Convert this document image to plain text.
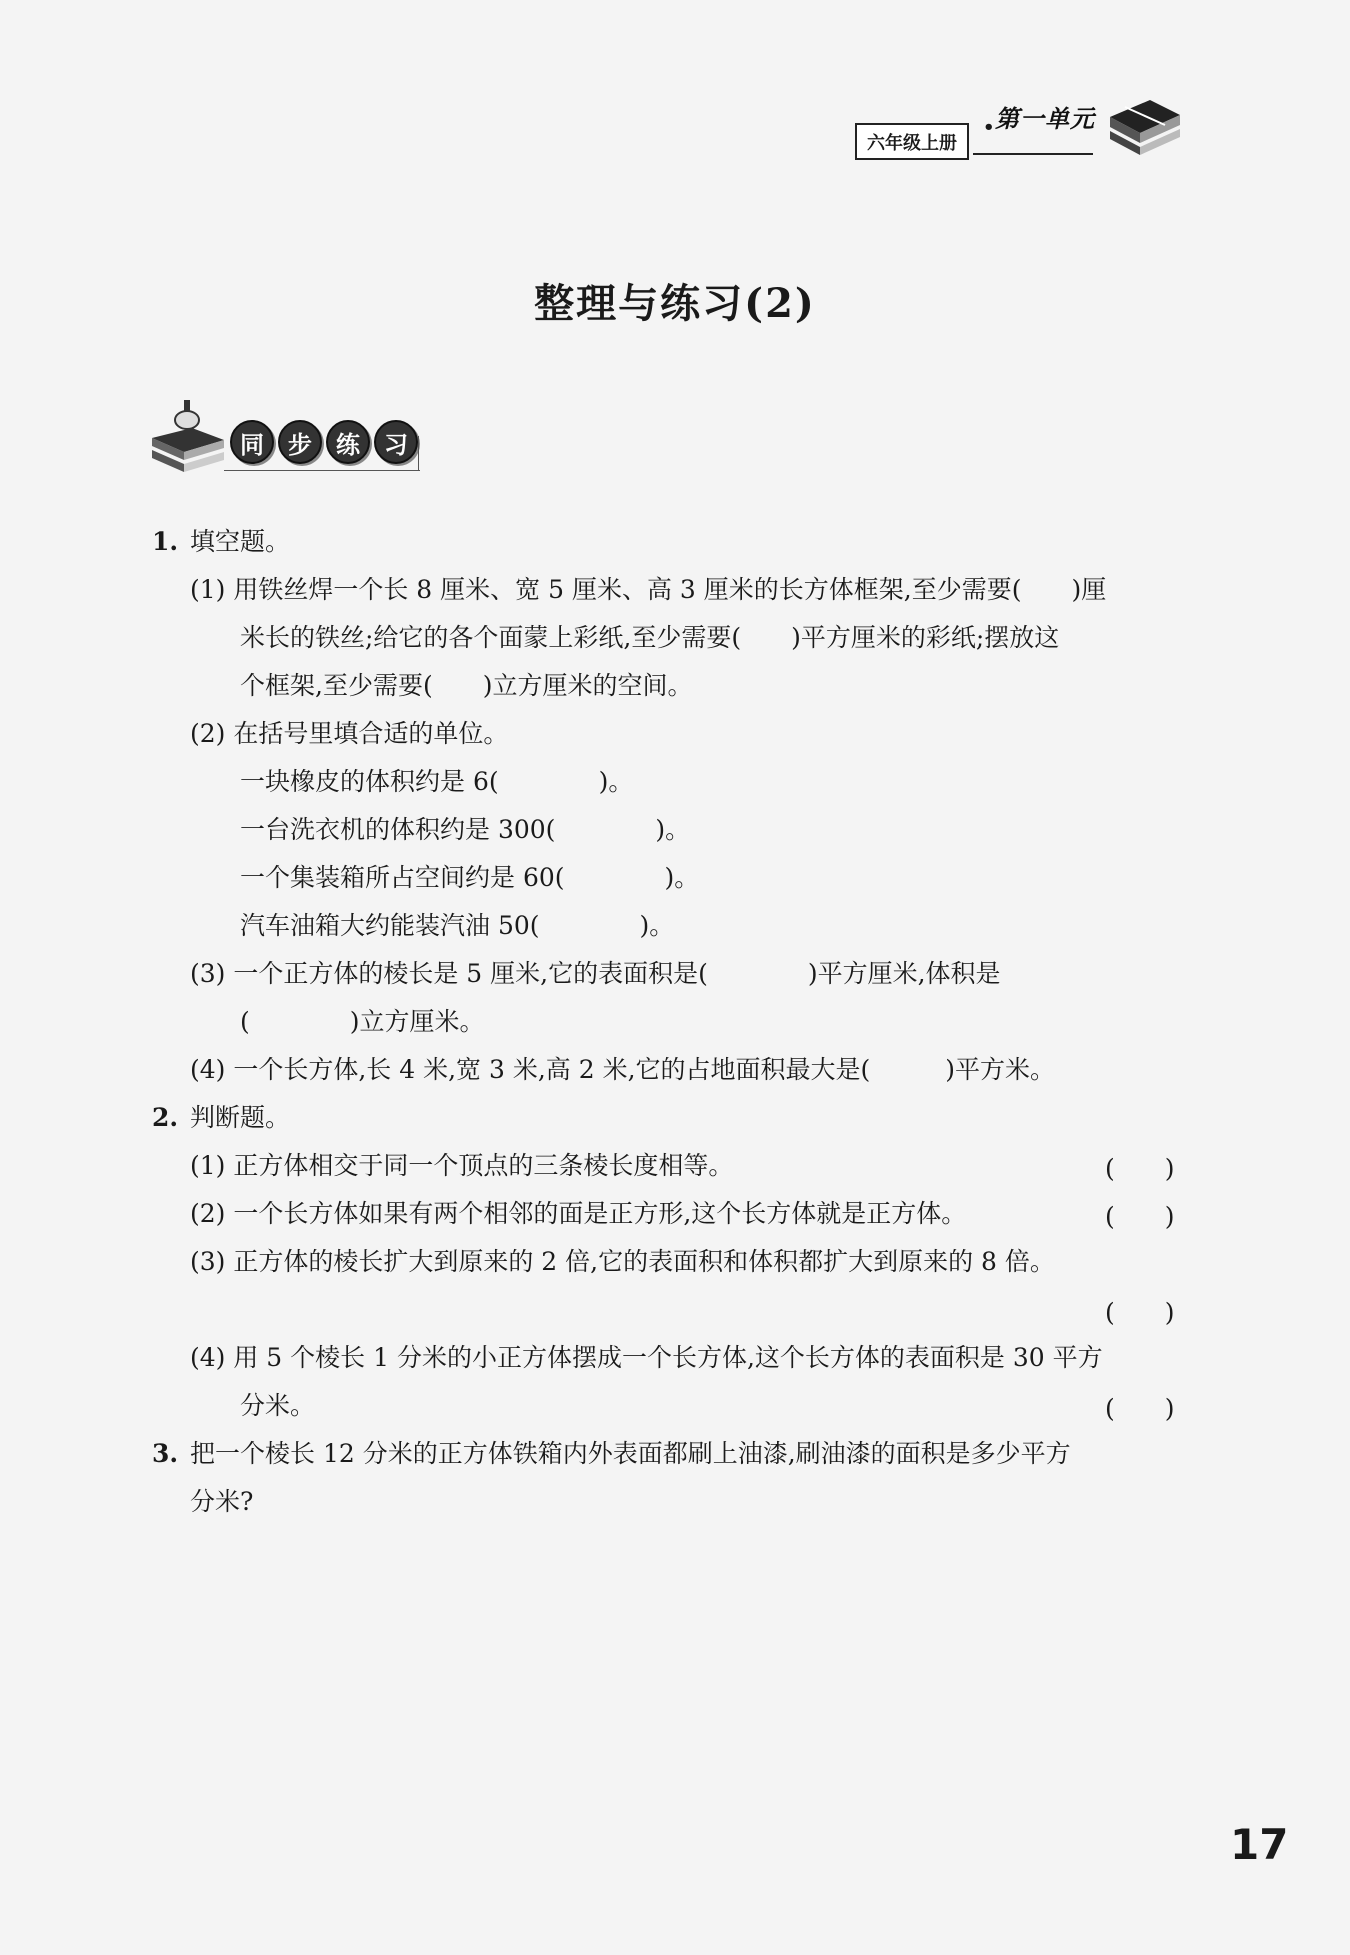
六年级上册
• 第一单元
整理与练习(2)
同	步	练	习
1. 填空题。
(1) 用铁丝焊一个长 8 厘米、宽 5 厘米、高 3 厘米的长方体框架,至少需要(　　)厘
米长的铁丝;给它的各个面蒙上彩纸,至少需要(　　)平方厘米的彩纸;摆放这
个框架,至少需要(　　)立方厘米的空间。
(2) 在括号里填合适的单位。
一块橡皮的体积约是 6(　　　　)。
一台洗衣机的体积约是 300(　　　　)。
一个集装箱所占空间约是 60(　　　　)。
汽车油箱大约能装汽油 50(　　　　)。
(3) 一个正方体的棱长是 5 厘米,它的表面积是(　　　　)平方厘米,体积是
(　　　　)立方厘米。
(4) 一个长方体,长 4 米,宽 3 米,高 2 米,它的占地面积最大是(　　　)平方米。
2. 判断题。
(1) 正方体相交于同一个顶点的三条棱长度相等。	(　　)
(2) 一个长方体如果有两个相邻的面是正方形,这个长方体就是正方体。	(　　)
(3) 正方体的棱长扩大到原来的 2 倍,它的表面积和体积都扩大到原来的 8 倍。
(　　)
(4) 用 5 个棱长 1 分米的小正方体摆成一个长方体,这个长方体的表面积是 30 平方
分米。	(　　)
3. 把一个棱长 12 分米的正方体铁箱内外表面都刷上油漆,刷油漆的面积是多少平方
分米?
17
